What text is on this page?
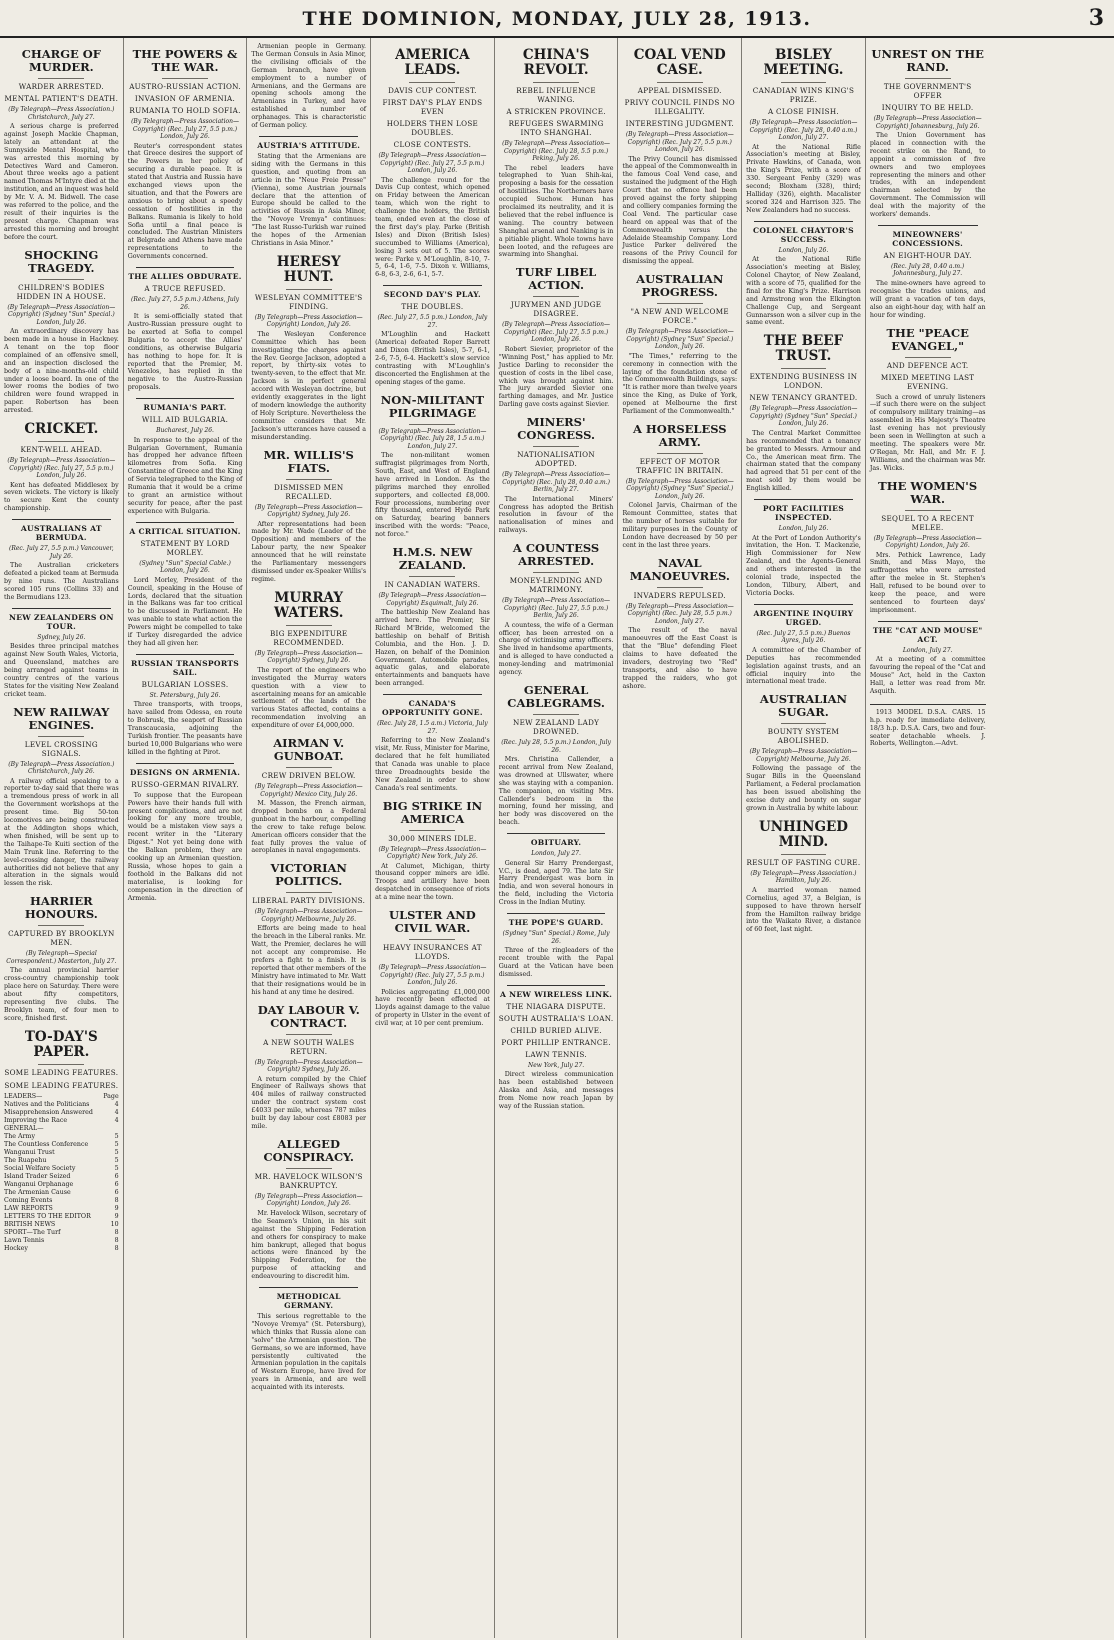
THE DOMINION, MONDAY, JULY 28, 1913.	3
CHARGE OF MURDER.
WARDER ARRESTED.
MENTAL PATIENT'S DEATH.
(By Telegraph—Press Association.) Christchurch, July 27.
A serious charge is preferred against Joseph Mackie Chapman, lately an attendant at the Sunnyside Mental Hospital, who was arrested this morning by Detectives Ward and Cameron. About three weeks ago a patient named Thomas M'Intyre died at the institution, and an inquest was held by Mr. V. A. M. Bidwell. The case was referred to the police, and the result of their inquiries is the present charge. Chapman was arrested this morning and brought before the court.
SHOCKING TRAGEDY.
CHILDREN'S BODIES HIDDEN IN A HOUSE.
(By Telegraph—Press Association—Copyright) (Sydney "Sun" Special.) London, July 26.
An extraordinary discovery has been made in a house in Hackney. A tenant on the top floor complained of an offensive smell, and an inspection disclosed the body of a nine-months-old child under a loose board. In one of the lower rooms the bodies of two children were found wrapped in paper. Robertson has been arrested.
CRICKET.
KENT-WELL AHEAD.
(By Telegraph—Press Association—Copyright) (Rec. July 27, 5.5 p.m.) London, July 26.
Kent has defeated Middlesex by seven wickets. The victory is likely to secure Kent the county championship.
AUSTRALIANS AT BERMUDA.
(Rec. July 27, 5.5 p.m.) Vancouver, July 26.
The Australian cricketers defeated a picked team at Bermuda by nine runs. The Australians scored 105 runs (Collins 33) and the Bermudians 123.
NEW ZEALANDERS ON TOUR.
Sydney, July 26.
Besides three principal matches against New South Wales, Victoria, and Queensland, matches are being arranged against teams in country centres of the various States for the visiting New Zealand cricket team.
NEW RAILWAY ENGINES.
LEVEL CROSSING SIGNALS.
(By Telegraph—Press Association.) Christchurch, July 26.
A railway official speaking to a reporter to-day said that there was a tremendous press of work in all the Government workshops at the present time. Big 50-ton locomotives are being constructed at the Addington shops which, when finished, will be sent up to the Taihape-Te Kuiti section of the Main Trunk line. Referring to the level-crossing danger, the railway authorities did not believe that any alteration in the signals would lessen the risk.
HARRIER HONOURS.
CAPTURED BY BROOKLYN MEN.
(By Telegraph—Special Correspondent.) Masterton, July 27.
The annual provincial harrier cross-country championship took place here on Saturday. There were about fifty competitors, representing five clubs. The Brooklyn team, of four men to score, finished first.
TO-DAY'S PAPER.
SOME LEADING FEATURES.
SOME LEADING FEATURES.
LEADERS—	Page
Natives and the Politicians	4
Misapprehension Answered	4
Improving the Race	4
GENERAL—
The Army	5
The Countless Conference	5
Wanganui Trust	5
The Ruapehu	5
Social Welfare Society	5
Island Trader Seized	6
Wanganui Orphanage	6
The Armenian Cause	6
Coming Events	8
LAW REPORTS	9
LETTERS TO THE EDITOR	9
BRITISH NEWS	10
SPORT—The Turf	8
Lawn Tennis	8
Hockey	8
THE POWERS & THE WAR.
AUSTRO-RUSSIAN ACTION.
INVASION OF ARMENIA.
RUMANIA TO HOLD SOFIA.
(By Telegraph—Press Association—Copyright) (Rec. July 27, 5.5 p.m.) London, July 26.
Reuter's correspondent states that Greece desires the support of the Powers in her policy of securing a durable peace. It is stated that Austria and Russia have exchanged views upon the situation, and that the Powers are anxious to bring about a speedy cessation of hostilities in the Balkans. Rumania is likely to hold Sofia until a final peace is concluded. The Austrian Ministers at Belgrade and Athens have made representations to the Governments concerned.
THE ALLIES OBDURATE.
A TRUCE REFUSED.
(Rec. July 27, 5.5 p.m.) Athens, July 26.
It is semi-officially stated that Austro-Russian pressure ought to be exerted at Sofia to compel Bulgaria to accept the Allies' conditions, as otherwise Bulgaria has nothing to hope for. It is reported that the Premier, M. Venezelos, has replied in the negative to the Austro-Russian proposals.
RUMANIA'S PART.
WILL AID BULGARIA.
Bucharest, July 26.
In response to the appeal of the Bulgarian Government, Rumania has dropped her advance fifteen kilometres from Sofia. King Constantine of Greece and the King of Servia telegraphed to the King of Rumania that it would be a crime to grant an armistice without security for peace, after the past experience with Bulgaria.
A CRITICAL SITUATION.
STATEMENT BY LORD MORLEY.
(Sydney "Sun" Special Cable.) London, July 26.
Lord Morley, President of the Council, speaking in the House of Lords, declared that the situation in the Balkans was far too critical to be discussed in Parliament. He was unable to state what action the Powers might be compelled to take if Turkey disregarded the advice they had all given her.
RUSSIAN TRANSPORTS SAIL.
BULGARIAN LOSSES.
St. Petersburg, July 26.
Three transports, with troops, have sailed from Odessa, en route to Bobrusk, the seaport of Russian Transcaucasia, adjoining the Turkish frontier. The peasants have buried 10,000 Bulgarians who were killed in the fighting at Pirot.
DESIGNS ON ARMENIA.
RUSSO-GERMAN RIVALRY.
To suppose that the European Powers have their hands full with present complications, and are not looking for any more trouble, would be a mistaken view says a recent writer in the "Literary Digest." Not yet being done with the Balkan problem, they are cooking up an Armenian question. Russia, whose hopes to gain a foothold in the Balkans did not materialise, is looking for compensation in the direction of Armenia.
Armenian people in Germany. The German Consuls in Asia Minor, the civilising officials of the German branch, have given employment to a number of Armenians, and the Germans are opening schools among the Armenians in Turkey, and have established a number of orphanages. This is characteristic of German policy.
AUSTRIA'S ATTITUDE.
Stating that the Armenians are siding with the Germans in this question, and quoting from an article in the "Neue Freie Presse" (Vienna), some Austrian journals declare that the attention of Europe should be called to the activities of Russia in Asia Minor, the "Novoye Vremya" continues: "The last Russo-Turkish war ruined the hopes of the Armenian Christians in Asia Minor."
HERESY HUNT.
WESLEYAN COMMITTEE'S FINDING.
(By Telegraph—Press Association—Copyright) London, July 26.
The Wesleyan Conference Committee which has been investigating the charges against the Rev. George Jackson, adopted a report, by thirty-six votes to twenty-seven, to the effect that Mr. Jackson is in perfect general accord with Wesleyan doctrine, but evidently exaggerates in the light of modern knowledge the authority of Holy Scripture. Nevertheless the committee considers that Mr. Jackson's utterances have caused a misunderstanding.
MR. WILLIS'S FIATS.
DISMISSED MEN RECALLED.
(By Telegraph—Press Association—Copyright) Sydney, July 26.
After representations had been made by Mr. Wade (Leader of the Opposition) and members of the Labour party, the new Speaker announced that he will reinstate the Parliamentary messengers dismissed under ex-Speaker Willis's regime.
MURRAY WATERS.
BIG EXPENDITURE RECOMMENDED.
(By Telegraph—Press Association—Copyright) Sydney, July 26.
The report of the engineers who investigated the Murray waters question with a view to ascertaining means for an amicable settlement of the lands of the various States affected, contains a recommendation involving an expenditure of over £4,000,000.
AIRMAN V. GUNBOAT.
CREW DRIVEN BELOW.
(By Telegraph—Press Association—Copyright) Mexico City, July 26.
M. Masson, the French airman, dropped bombs on a Federal gunboat in the harbour, compelling the crew to take refuge below. American officers consider that the feat fully proves the value of aeroplanes in naval engagements.
VICTORIAN POLITICS.
LIBERAL PARTY DIVISIONS.
(By Telegraph—Press Association—Copyright) Melbourne, July 26.
Efforts are being made to heal the breach in the Liberal ranks. Mr. Watt, the Premier, declares he will not accept any compromise. He prefers a fight to a finish. It is reported that other members of the Ministry have intimated to Mr. Watt that their resignations would be in his hand at any time he desired.
DAY LABOUR V. CONTRACT.
A NEW SOUTH WALES RETURN.
(By Telegraph—Press Association—Copyright) Sydney, July 26.
A return compiled by the Chief Engineer of Railways shows that 404 miles of railway constructed under the contract system cost £4033 per mile, whereas 787 miles built by day labour cost £8083 per mile.
ALLEGED CONSPIRACY.
MR. HAVELOCK WILSON'S BANKRUPTCY.
(By Telegraph—Press Association—Copyright) London, July 26.
Mr. Havelock Wilson, secretary of the Seamen's Union, in his suit against the Shipping Federation and others for conspiracy to make him bankrupt, alleged that bogus actions were financed by the Shipping Federation, for the purpose of attacking and endeavouring to discredit him.
METHODICAL GERMANY.
This serious regrettable to the "Novoye Vremya" (St. Petersburg), which thinks that Russia alone can "solve" the Armenian question. The Germans, so we are informed, have persistently cultivated the Armenian population in the capitals of Western Europe, have lived for years in Armenia, and are well acquainted with its interests.
AMERICA LEADS.
DAVIS CUP CONTEST.
FIRST DAY'S PLAY ENDS EVEN
HOLDERS THEN LOSE DOUBLES.
CLOSE CONTESTS.
(By Telegraph—Press Association—Copyright) (Rec. July 27, 5.5 p.m.) London, July 26.
The challenge round for the Davis Cup contest, which opened on Friday between the American team, which won the right to challenge the holders, the British team, ended even at the close of the first day's play. Parke (British Isles) and Dixon (British Isles) succumbed to Williams (America), losing 3 sets out of 5. The scores were: Parke v. M'Loughlin, 8-10, 7-5, 6-4, 1-6, 7-5. Dixon v. Williams, 6-8, 6-3, 2-6, 6-1, 5-7.
SECOND DAY'S PLAY.
THE DOUBLES.
(Rec. July 27, 5.5 p.m.) London, July 27.
M'Loughlin and Hackett (America) defeated Roper Barrett and Dixon (British Isles), 5-7, 6-1, 2-6, 7-5, 6-4. Hackett's slow service contrasting with M'Loughlin's disconcerted the Englishmen at the opening stages of the game.
NON-MILITANT PILGRIMAGE
(By Telegraph—Press Association—Copyright) (Rec. July 28, 1.5 a.m.) London, July 27.
The non-militant women suffragist pilgrimages from North, South, East, and West of England have arrived in London. As the pilgrims marched they enrolled supporters, and collected £8,000. Four processions, numbering over fifty thousand, entered Hyde Park on Saturday, bearing banners inscribed with the words: "Peace, not force."
H.M.S. NEW ZEALAND.
IN CANADIAN WATERS.
(By Telegraph—Press Association—Copyright) Esquimalt, July 26.
The battleship New Zealand has arrived here. The Premier, Sir Richard M'Bride, welcomed the battleship on behalf of British Columbia, and the Hon. J. D. Hazen, on behalf of the Dominion Government. Automobile parades, aquatic galas, and elaborate entertainments and banquets have been arranged.
CANADA'S OPPORTUNITY GONE.
(Rec. July 28, 1.5 a.m.) Victoria, July 27.
Referring to the New Zealand's visit, Mr. Russ, Minister for Marine, declared that he felt humiliated that Canada was unable to place three Dreadnoughts beside the New Zealand in order to show Canada's real sentiments.
BIG STRIKE IN AMERICA
30,000 MINERS IDLE.
(By Telegraph—Press Association—Copyright) New York, July 26.
At Calumet, Michigan, thirty thousand copper miners are idle. Troops and artillery have been despatched in consequence of riots at a mine near the town.
ULSTER AND CIVIL WAR.
HEAVY INSURANCES AT LLOYDS.
(By Telegraph—Press Association—Copyright) (Rec. July 27, 5.5 p.m.) London, July 26.
Policies aggregating £1,000,000 have recently been effected at Lloyds against damage to the value of property in Ulster in the event of civil war, at 10 per cent premium.
CHINA'S REVOLT.
REBEL INFLUENCE WANING.
A STRICKEN PROVINCE.
REFUGEES SWARMING INTO SHANGHAI.
(By Telegraph—Press Association—Copyright) (Rec. July 28, 5.5 p.m.) Peking, July 26.
The rebel leaders have telegraphed to Yuan Shih-kai, proposing a basis for the cessation of hostilities. The Northerners have occupied Suchow. Hunan has proclaimed its neutrality, and it is believed that the rebel influence is waning. The country between Shanghai arsenal and Nanking is in a pitiable plight. Whole towns have been looted, and the refugees are swarming into Shanghai.
TURF LIBEL ACTION.
JURYMEN AND JUDGE DISAGREE.
(By Telegraph—Press Association—Copyright) (Rec. July 27, 5.5 p.m.) London, July 26.
Robert Sievier, proprietor of the "Winning Post," has applied to Mr. Justice Darling to reconsider the question of costs in the libel case, which was brought against him. The jury awarded Sievier one farthing damages, and Mr. Justice Darling gave costs against Sievier.
MINERS' CONGRESS.
NATIONALISATION ADOPTED.
(By Telegraph—Press Association—Copyright) (Rec. July 28, 0.40 a.m.) Berlin, July 27.
The International Miners' Congress has adopted the British resolution in favour of the nationalisation of mines and railways.
A COUNTESS ARRESTED.
MONEY-LENDING AND MATRIMONY.
(By Telegraph—Press Association—Copyright) (Rec. July 27, 5.5 p.m.) Berlin, July 26.
A countess, the wife of a German officer, has been arrested on a charge of victimising army officers. She lived in handsome apartments, and is alleged to have conducted a money-lending and matrimonial agency.
GENERAL CABLEGRAMS.
NEW ZEALAND LADY DROWNED.
(Rec. July 28, 5.5 p.m.) London, July 26.
Mrs. Christina Callender, a recent arrival from New Zealand, was drowned at Ullswater, where she was staying with a companion. The companion, on visiting Mrs. Callender's bedroom in the morning, found her missing, and her body was discovered on the beach.
OBITUARY.
London, July 27.
General Sir Harry Prendergast, V.C., is dead, aged 79. The late Sir Harry Prendergast was born in India, and won several honours in the field, including the Victoria Cross in the Indian Mutiny.
THE POPE'S GUARD.
(Sydney "Sun" Special.) Rome, July 26.
Three of the ringleaders of the recent trouble with the Papal Guard at the Vatican have been dismissed.
A NEW WIRELESS LINK.
THE NIAGARA DISPUTE.
SOUTH AUSTRALIA'S LOAN.
CHILD BURIED ALIVE.
PORT PHILLIP ENTRANCE.
LAWN TENNIS.
New York, July 27.
Direct wireless communication has been established between Alaska and Asia, and messages from Nome now reach Japan by way of the Russian station.
COAL VEND CASE.
APPEAL DISMISSED.
PRIVY COUNCIL FINDS NO ILLEGALITY.
INTERESTING JUDGMENT.
(By Telegraph—Press Association—Copyright) (Rec. July 27, 5.5 p.m.) London, July 26.
The Privy Council has dismissed the appeal of the Commonwealth in the famous Coal Vend case, and sustained the judgment of the High Court that no offence had been proved against the forty shipping and colliery companies forming the Coal Vend. The particular case heard on appeal was that of the Commonwealth versus the Adelaide Steamship Company. Lord Justice Parker delivered the reasons of the Privy Council for dismissing the appeal.
AUSTRALIAN PROGRESS.
"A NEW AND WELCOME FORCE."
(By Telegraph—Press Association—Copyright) (Sydney "Sun" Special.) London, July 26.
"The Times," referring to the ceremony in connection with the laying of the foundation stone of the Commonwealth Buildings, says: "It is rather more than twelve years since the King, as Duke of York, opened at Melbourne the first Parliament of the Commonwealth."
A HORSELESS ARMY.
EFFECT OF MOTOR TRAFFIC IN BRITAIN.
(By Telegraph—Press Association—Copyright) (Sydney "Sun" Special.) London, July 26.
Colonel Jarvis, Chairman of the Remount Committee, states that the number of horses suitable for military purposes in the County of London have decreased by 50 per cent in the last three years.
NAVAL MANOEUVRES.
INVADERS REPULSED.
(By Telegraph—Press Association—Copyright) (Rec. July 28, 5.5 p.m.) London, July 27.
The result of the naval manoeuvres off the East Coast is that the "Blue" defending Fleet claims to have defeated the invaders, destroying two "Red" transports, and also to have trapped the raiders, who got ashore.
BISLEY MEETING.
CANADIAN WINS KING'S PRIZE.
A CLOSE FINISH.
(By Telegraph—Press Association—Copyright) (Rec. July 28, 0.40 a.m.) London, July 27.
At the National Rifle Association's meeting at Bisley, Private Hawkins, of Canada, won the King's Prize, with a score of 330. Sergeant Fenby (329) was second; Bloxham (328), third; Halliday (326), eighth. Macalister scored 324 and Harrison 325. The New Zealanders had no success.
COLONEL CHAYTOR'S SUCCESS.
London, July 26.
At the National Rifle Association's meeting at Bisley, Colonel Chaytor, of New Zealand, with a score of 75, qualified for the final for the King's Prize. Harrison and Armstrong won the Elkington Challenge Cup, and Sergeant Gunnarsson won a silver cup in the same event.
THE BEEF TRUST.
EXTENDING BUSINESS IN LONDON.
NEW TENANCY GRANTED.
(By Telegraph—Press Association—Copyright) (Sydney "Sun" Special.) London, July 26.
The Central Market Committee has recommended that a tenancy be granted to Messrs. Armour and Co., the American meat firm. The chairman stated that the company had agreed that 51 per cent of the meat sold by them would be English killed.
PORT FACILITIES INSPECTED.
London, July 26.
At the Port of London Authority's invitation, the Hon. T. Mackenzie, High Commissioner for New Zealand, and the Agents-General and others interested in the colonial trade, inspected the London, Tilbury, Albert, and Victoria Docks.
ARGENTINE INQUIRY URGED.
(Rec. July 27, 5.5 p.m.) Buenos Ayres, July 26.
A committee of the Chamber of Deputies has recommended legislation against trusts, and an official inquiry into the international meat trade.
AUSTRALIAN SUGAR.
BOUNTY SYSTEM ABOLISHED.
(By Telegraph—Press Association—Copyright) Melbourne, July 26.
Following the passage of the Sugar Bills in the Queensland Parliament, a Federal proclamation has been issued abolishing the excise duty and bounty on sugar grown in Australia by white labour.
UNHINGED MIND.
RESULT OF FASTING CURE.
(By Telegraph—Press Association.) Hamilton, July 26.
A married woman named Cornelius, aged 37, a Belgian, is supposed to have thrown herself from the Hamilton railway bridge into the Waikato River, a distance of 60 feet, last night.
UNREST ON THE RAND.
THE GOVERNMENT'S OFFER
INQUIRY TO BE HELD.
(By Telegraph—Press Association—Copyright) Johannesburg, July 26.
The Union Government has placed in connection with the recent strike on the Rand, to appoint a commission of five owners and two employees representing the miners and other trades, with an independent chairman selected by the Government. The Commission will deal with the majority of the workers' demands.
MINEOWNERS' CONCESSIONS.
AN EIGHT-HOUR DAY.
(Rec. July 28, 0.40 a.m.) Johannesburg, July 27.
The mine-owners have agreed to recognise the trades unions, and will grant a vacation of ten days, also an eight-hour day, with half an hour for winding.
THE "PEACE EVANGEL,"
AND DEFENCE ACT.
MIXED MEETING LAST EVENING.
Such a crowd of unruly listeners—if such there were on the subject of compulsory military training—as assembled in His Majesty's Theatre last evening has not previously been seen in Wellington at such a meeting. The speakers were Mr. O'Regan, Mr. Hall, and Mr. F. J. Williams, and the chairman was Mr. Jas. Wicks.
THE WOMEN'S WAR.
SEQUEL TO A RECENT MELEE.
(By Telegraph—Press Association—Copyright) London, July 26.
Mrs. Pethick Lawrence, Lady Smith, and Miss Mayo, the suffragettes who were arrested after the melee in St. Stephen's Hall, refused to be bound over to keep the peace, and were sentenced to fourteen days' imprisonment.
THE "CAT AND MOUSE" ACT.
London, July 27.
At a meeting of a committee favouring the repeal of the "Cat and Mouse" Act, held in the Caxton Hall, a letter was read from Mr. Asquith.
1913 MODEL D.S.A. CARS. 15 h.p. ready for immediate delivery, 18/3 h.p. D.S.A. Cars, two and four-seater detachable wheels. J. Roberts, Wellington.—Advt.
